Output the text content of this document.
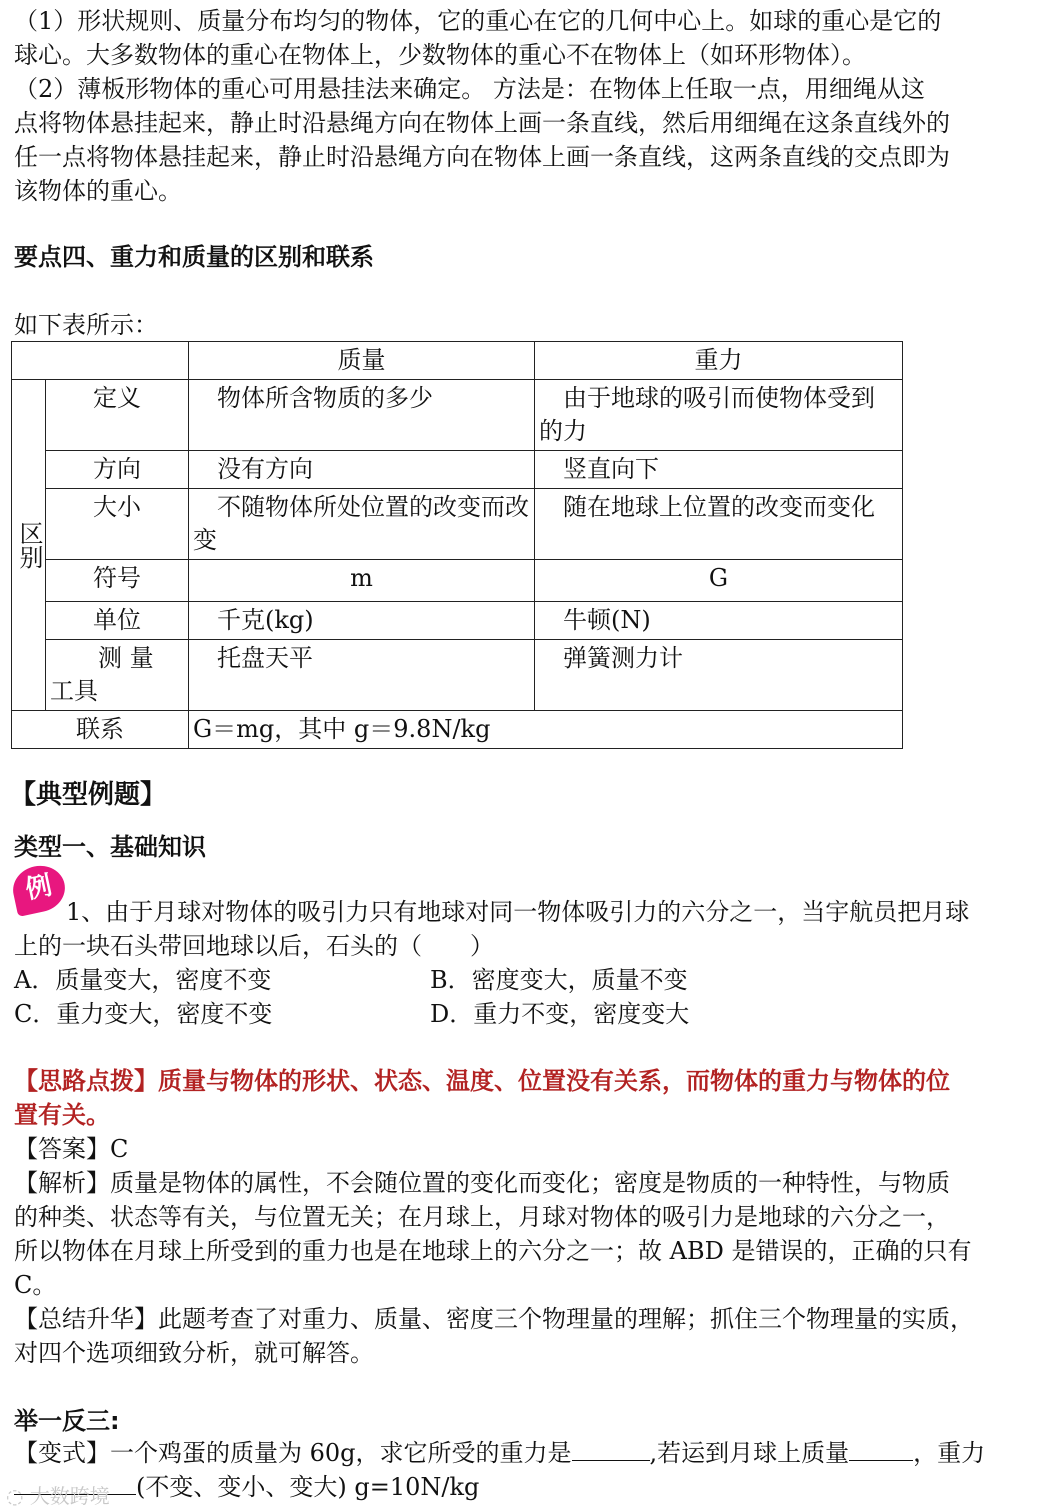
（1）形状规则、质量分布均匀的物体，它的重心在它的几何中心上。如球的重心是它的
球心。大多数物体的重心在物体上，少数物体的重心不在物体上（如环形物体）。
（2）薄板形物体的重心可用悬挂法来确定。 方法是：在物体上任取一点，用细绳从这
点将物体悬挂起来，静止时沿悬绳方向在物体上画一条直线，然后用细绳在这条直线外的
任一点将物体悬挂起来，静止时沿悬绳方向在物体上画一条直线，这两条直线的交点即为
该物体的重心。
要点四、重力和质量的区别和联系
如下表所示：
		质量	重力
区别	定义	物体所含物质的多少	由于地球的吸引而使物体受到的力
	方向	没有方向	竖直向下
	大小	不随物体所处位置的改变而改变	随在地球上位置的改变而变化
	符号	m	G
	单位	千克(kg)	牛顿(N)
	测 量 工具	托盘天平	弹簧测力计
联系		G＝mg，其中 g＝9.8N/kg	
【典型例题】
类型一、基础知识
例
1、由于月球对物体的吸引力只有地球对同一物体吸引力的六分之一，当宇航员把月球
上的一块石头带回地球以后，石头的（　　）
A．质量变大，密度不变	B．密度变大，质量不变
C．重力变大，密度不变	D．重力不变，密度变大
【思路点拨】质量与物体的形状、状态、温度、位置没有关系，而物体的重力与物体的位
置有关。
【答案】C
【解析】质量是物体的属性，不会随位置的变化而变化；密度是物质的一种特性，与物质
的种类、状态等有关，与位置无关；在月球上，月球对物体的吸引力是地球的六分之一，
所以物体在月球上所受到的重力也是在地球上的六分之一；故 ABD 是错误的，正确的只有
C。
【总结升华】此题考查了对重力、质量、密度三个物理量的理解；抓住三个物理量的实质，
对四个选项细致分析，就可解答。
举一反三:
【变式】一个鸡蛋的质量为 60g，求它所受的重力是	,若运到月球上质量	，重力
(不变、变小、变大) g=10N/kg
◌ 大数跨境
